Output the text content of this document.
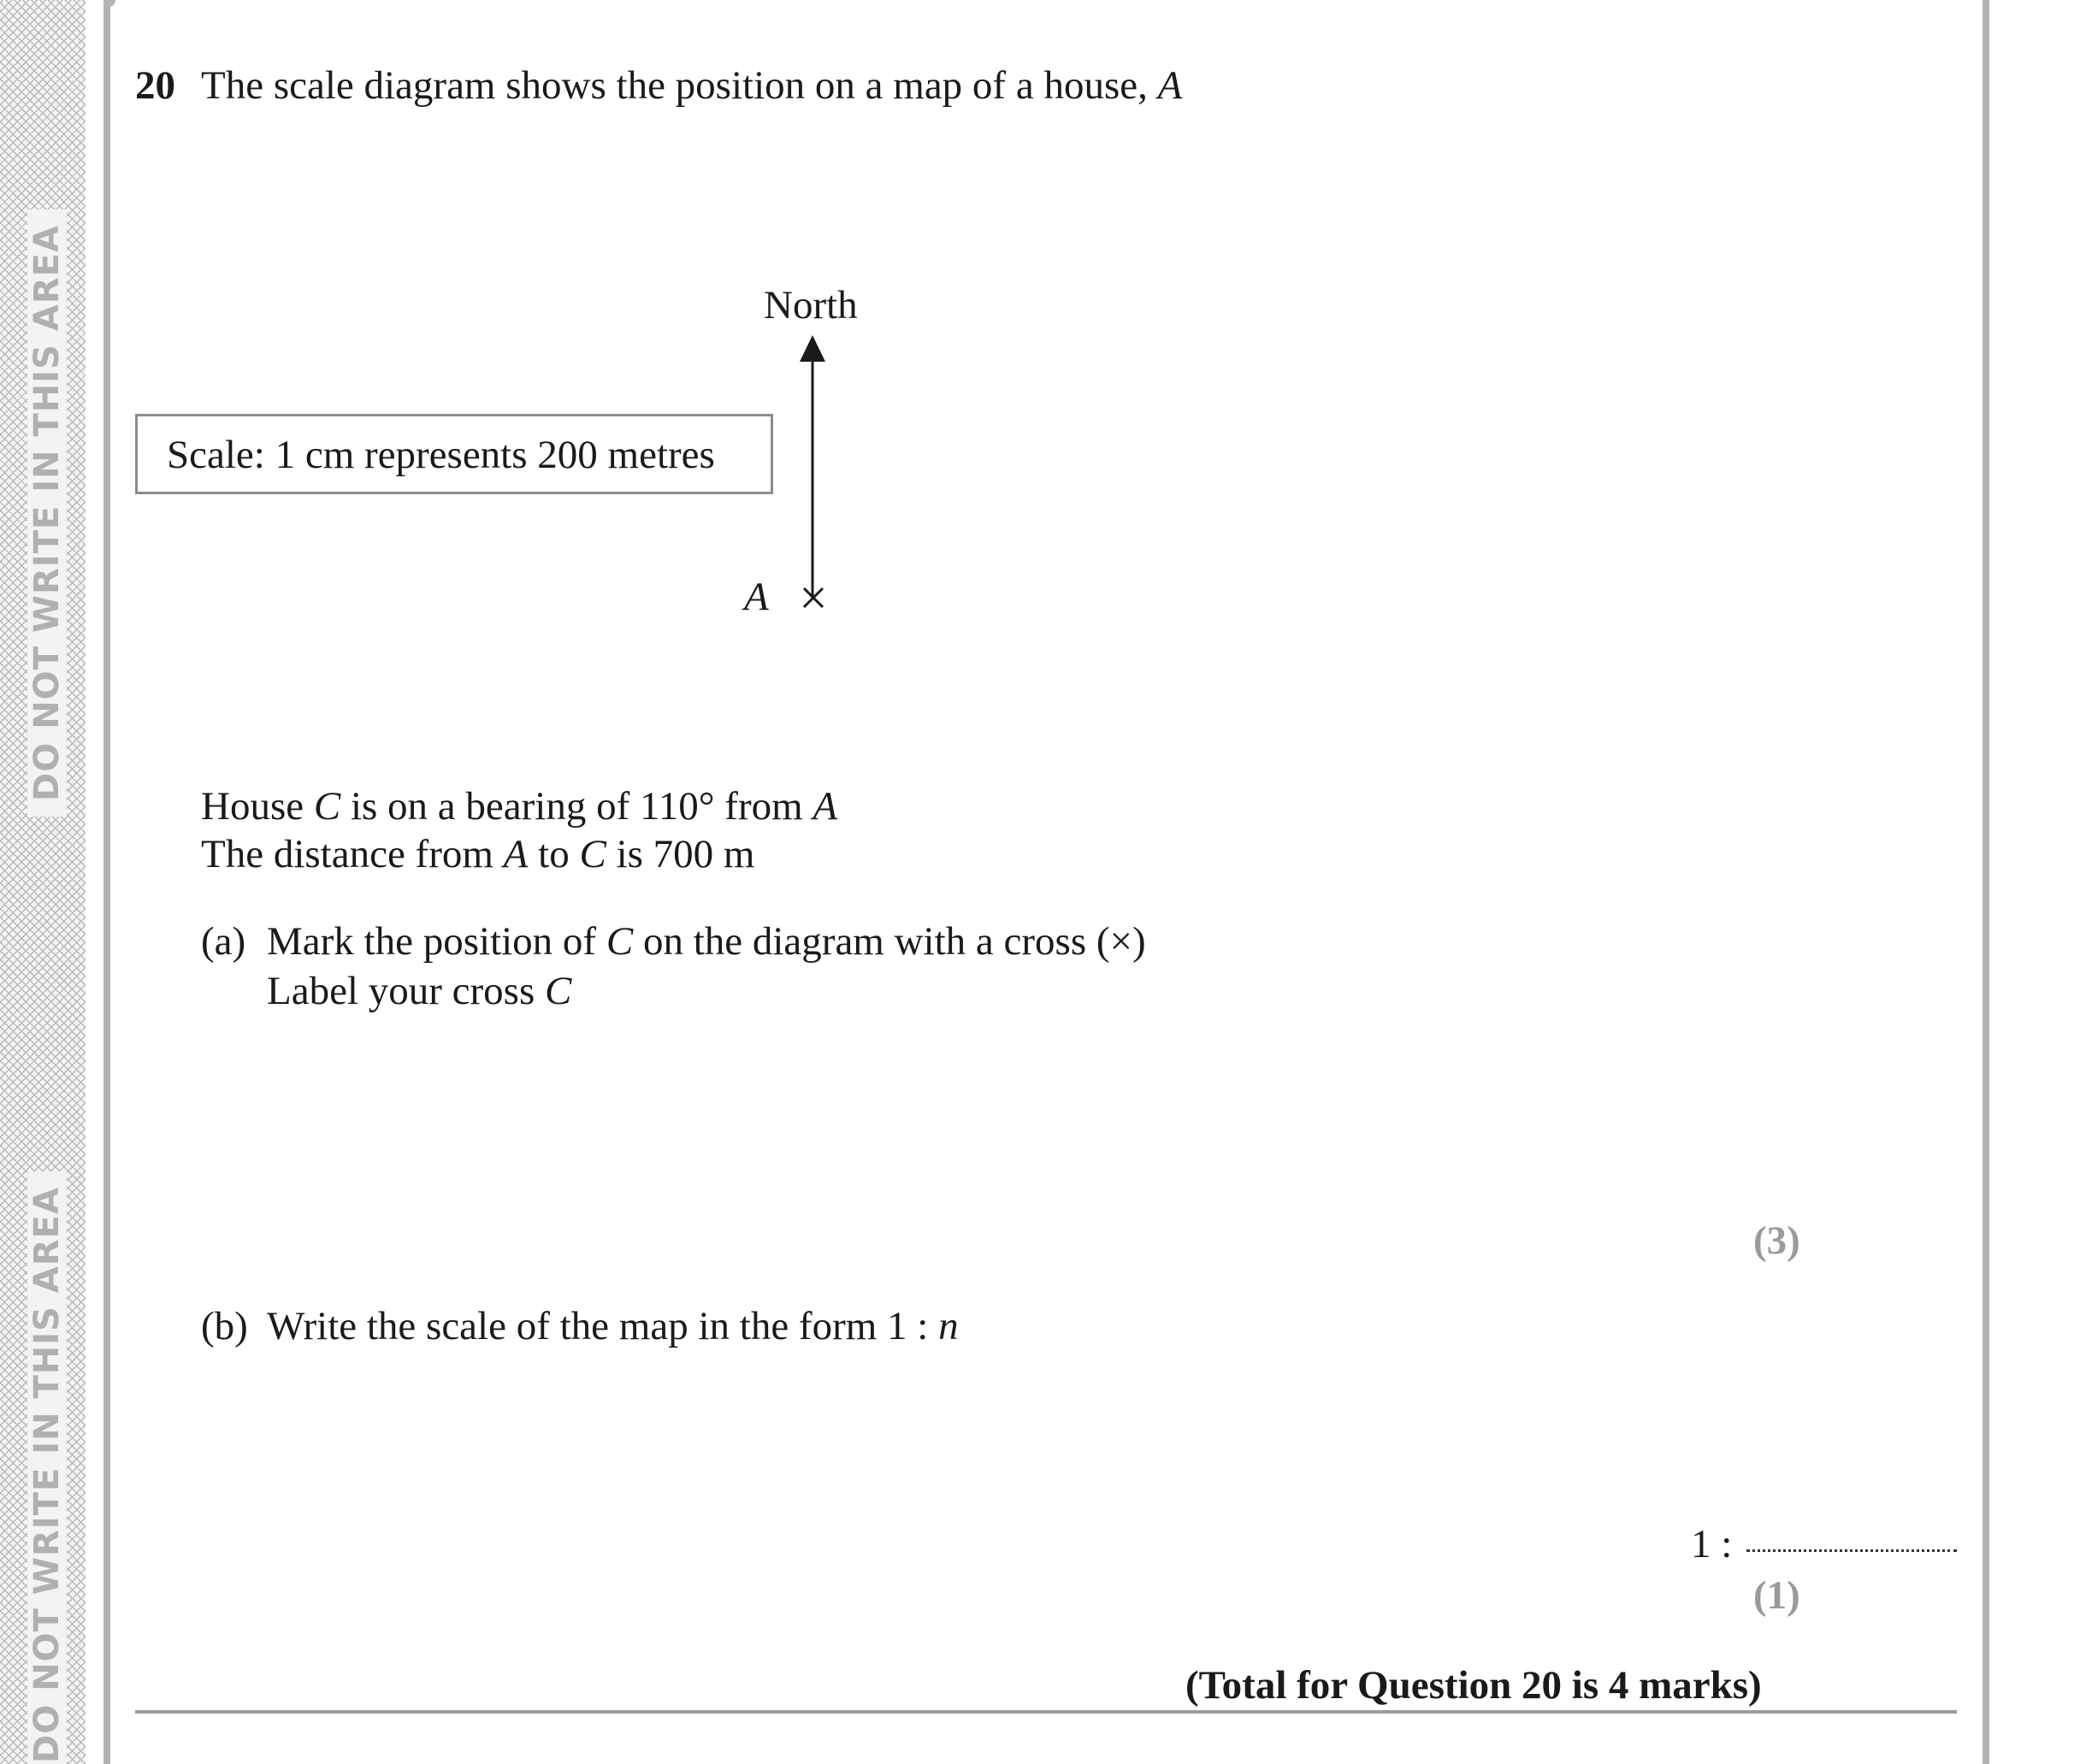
DO NOT WRITE IN THIS AREA
DO NOT WRITE IN THIS AREA
20 The scale diagram shows the position on a map of a house, A
Scale: 1 cm represents 200 metres
North
A
House C is on a bearing of 110° from A
The distance from A to C is 700 m
(a) Mark the position of C on the diagram with a cross (×)
Label your cross C
(3)
(b) Write the scale of the map in the form 1 : n
1 :
(1)
(Total for Question 20 is 4 marks)
